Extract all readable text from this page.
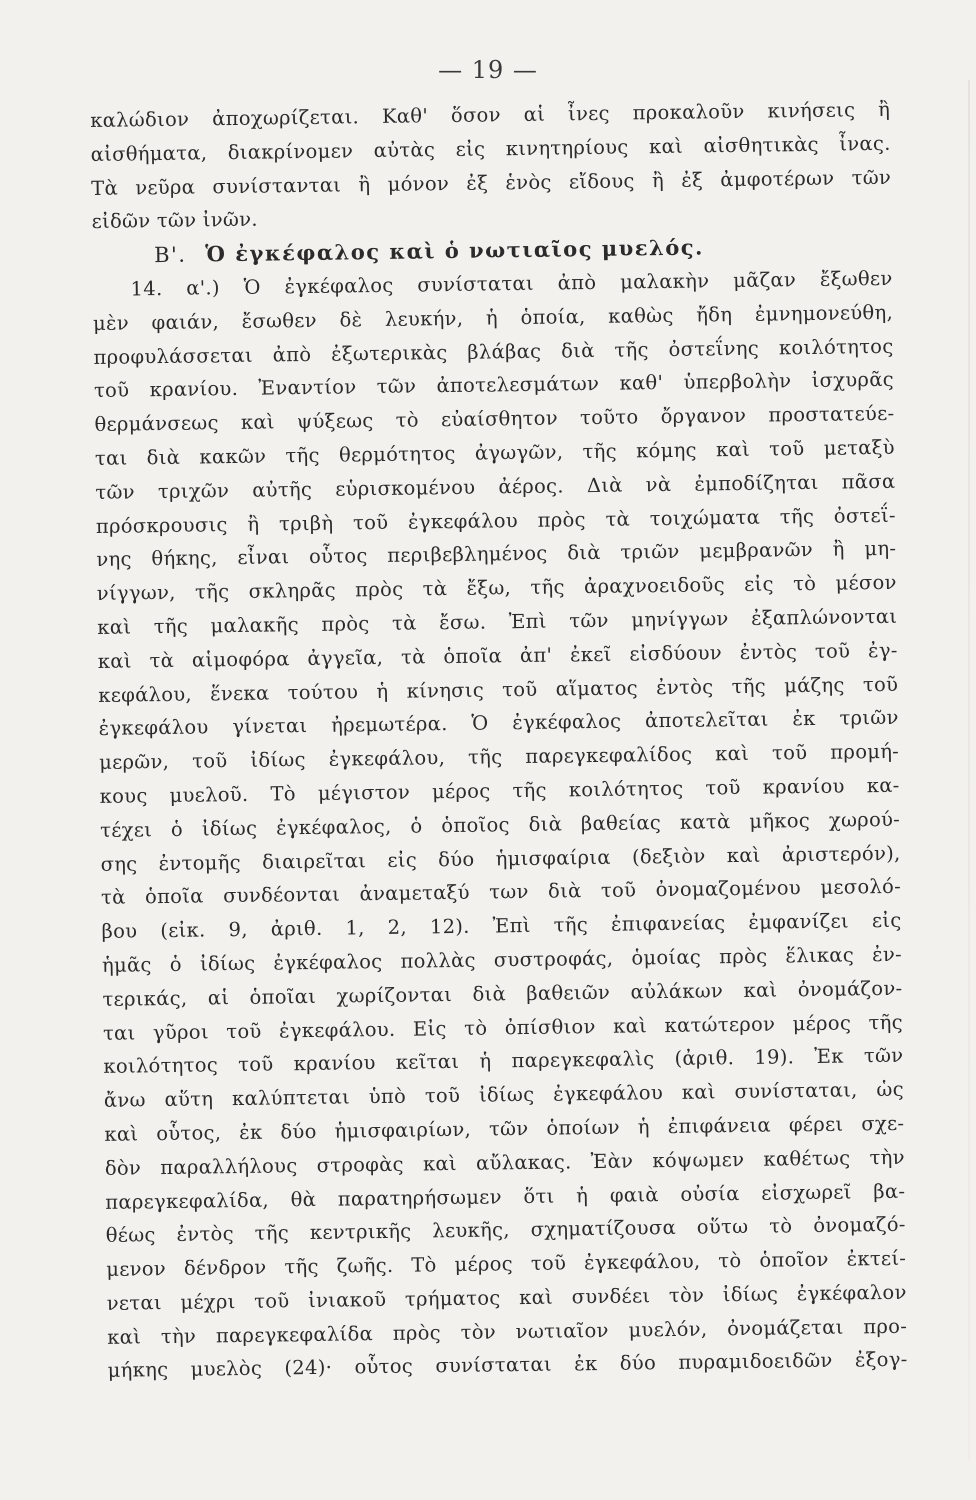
— 19 —
καλώδιον ἀποχωρίζεται. Καθ' ὅσον αἱ ἶνες προκαλοῦν κινήσεις ἢ
αἰσθήματα, διακρίνομεν αὐτὰς εἰς κινητηρίους καὶ αἰσθητικὰς ἶνας.
Τὰ νεῦρα συνίστανται ἢ μόνον ἐξ ἑνὸς εἴδους ἢ ἐξ ἀμφοτέρων τῶν
εἰδῶν τῶν ἰνῶν.
Β'. Ὁ ἐγκέφαλος καὶ ὁ νωτιαῖος μυελός.
14. α'.) Ὁ ἐγκέφαλος συνίσταται ἀπὸ μαλακὴν μᾶζαν ἔξωθεν
μὲν φαιάν, ἔσωθεν δὲ λευκήν, ἡ ὁποία, καθὼς ἤδη ἐμνημονεύθη,
προφυλάσσεται ἀπὸ ἐξωτερικὰς βλάβας διὰ τῆς ὀστεΐνης κοιλότητος
τοῦ κρανίου. Ἐναντίον τῶν ἀποτελεσμάτων καθ' ὑπερβολὴν ἰσχυρᾶς
θερμάνσεως καὶ ψύξεως τὸ εὐαίσθητον τοῦτο ὄργανον προστατεύε-
ται διὰ κακῶν τῆς θερμότητος ἀγωγῶν, τῆς κόμης καὶ τοῦ μεταξὺ
τῶν τριχῶν αὐτῆς εὑρισκομένου ἀέρος. Διὰ νὰ ἐμποδίζηται πᾶσα
πρόσκρουσις ἢ τριβὴ τοῦ ἐγκεφάλου πρὸς τὰ τοιχώματα τῆς ὀστεΐ-
νης θήκης, εἶναι οὗτος περιβεβλημένος διὰ τριῶν μεμβρανῶν ἢ μη-
νίγγων, τῆς σκληρᾶς πρὸς τὰ ἔξω, τῆς ἀραχνοειδοῦς εἰς τὸ μέσον
καὶ τῆς μαλακῆς πρὸς τὰ ἔσω. Ἐπὶ τῶν μηνίγγων ἐξαπλώνονται
καὶ τὰ αἱμοφόρα ἀγγεῖα, τὰ ὁποῖα ἀπ' ἐκεῖ εἰσδύουν ἐντὸς τοῦ ἐγ-
κεφάλου, ἕνεκα τούτου ἡ κίνησις τοῦ αἵματος ἐντὸς τῆς μάζης τοῦ
ἐγκεφάλου γίνεται ἠρεμωτέρα. Ὁ ἐγκέφαλος ἀποτελεῖται ἐκ τριῶν
μερῶν, τοῦ ἰδίως ἐγκεφάλου, τῆς παρεγκεφαλίδος καὶ τοῦ προμή-
κους μυελοῦ. Τὸ μέγιστον μέρος τῆς κοιλότητος τοῦ κρανίου κα-
τέχει ὁ ἰδίως ἐγκέφαλος, ὁ ὁποῖος διὰ βαθείας κατὰ μῆκος χωρού-
σης ἐντομῆς διαιρεῖται εἰς δύο ἡμισφαίρια (δεξιὸν καὶ ἀριστερόν),
τὰ ὁποῖα συνδέονται ἀναμεταξύ των διὰ τοῦ ὀνομαζομένου μεσολό-
βου (εἰκ. 9, ἀριθ. 1, 2, 12). Ἐπὶ τῆς ἐπιφανείας ἐμφανίζει εἰς
ἡμᾶς ὁ ἰδίως ἐγκέφαλος πολλὰς συστροφάς, ὁμοίας πρὸς ἕλικας ἐν-
τερικάς, αἱ ὁποῖαι χωρίζονται διὰ βαθειῶν αὐλάκων καὶ ὀνομάζον-
ται γῦροι τοῦ ἐγκεφάλου. Εἰς τὸ ὀπίσθιον καὶ κατώτερον μέρος τῆς
κοιλότητος τοῦ κρανίου κεῖται ἡ παρεγκεφαλὶς (ἀριθ. 19). Ἐκ τῶν
ἄνω αὕτη καλύπτεται ὑπὸ τοῦ ἰδίως ἐγκεφάλου καὶ συνίσταται, ὡς
καὶ οὗτος, ἐκ δύο ἡμισφαιρίων, τῶν ὁποίων ἡ ἐπιφάνεια φέρει σχε-
δὸν παραλλήλους στροφὰς καὶ αὔλακας. Ἐὰν κόψωμεν καθέτως τὴν
παρεγκεφαλίδα, θὰ παρατηρήσωμεν ὅτι ἡ φαιὰ οὐσία εἰσχωρεῖ βα-
θέως ἐντὸς τῆς κεντρικῆς λευκῆς, σχηματίζουσα οὕτω τὸ ὀνομαζό-
μενον δένδρον τῆς ζωῆς. Τὸ μέρος τοῦ ἐγκεφάλου, τὸ ὁποῖον ἐκτεί-
νεται μέχρι τοῦ ἰνιακοῦ τρήματος καὶ συνδέει τὸν ἰδίως ἐγκέφαλον
καὶ τὴν παρεγκεφαλίδα πρὸς τὸν νωτιαῖον μυελόν, ὀνομάζεται προ-
μήκης μυελὸς (24)· οὗτος συνίσταται ἐκ δύο πυραμιδοειδῶν ἐξογ-
